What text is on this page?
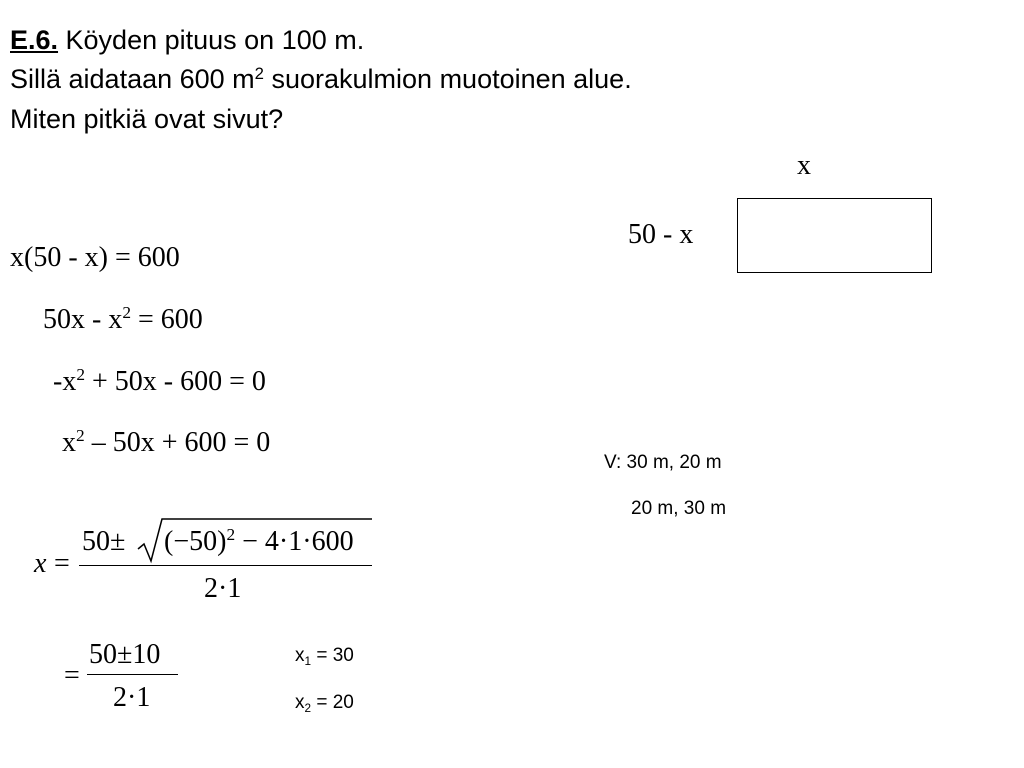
E.6. Köyden pituus on 100 m.
Sillä aidataan 600 $m^2$ suorakulmion muotoinen alue.
Miten pitkiä ovat sivut?
x
50 - x
x(50 - x) = 600
$50x - x^2 = 600$
$-x^2 + 50x - 600 = 0$
$x^2 - 50x + 600 = 0$
x =
$50\pm (-50)^2 - 4\cdot 1\cdot 600$
2·1
=
50±10
2·1
$x_1 = 30$
$x_2 = 20$
V: 30 m, 20 m
20 m, 30 m
